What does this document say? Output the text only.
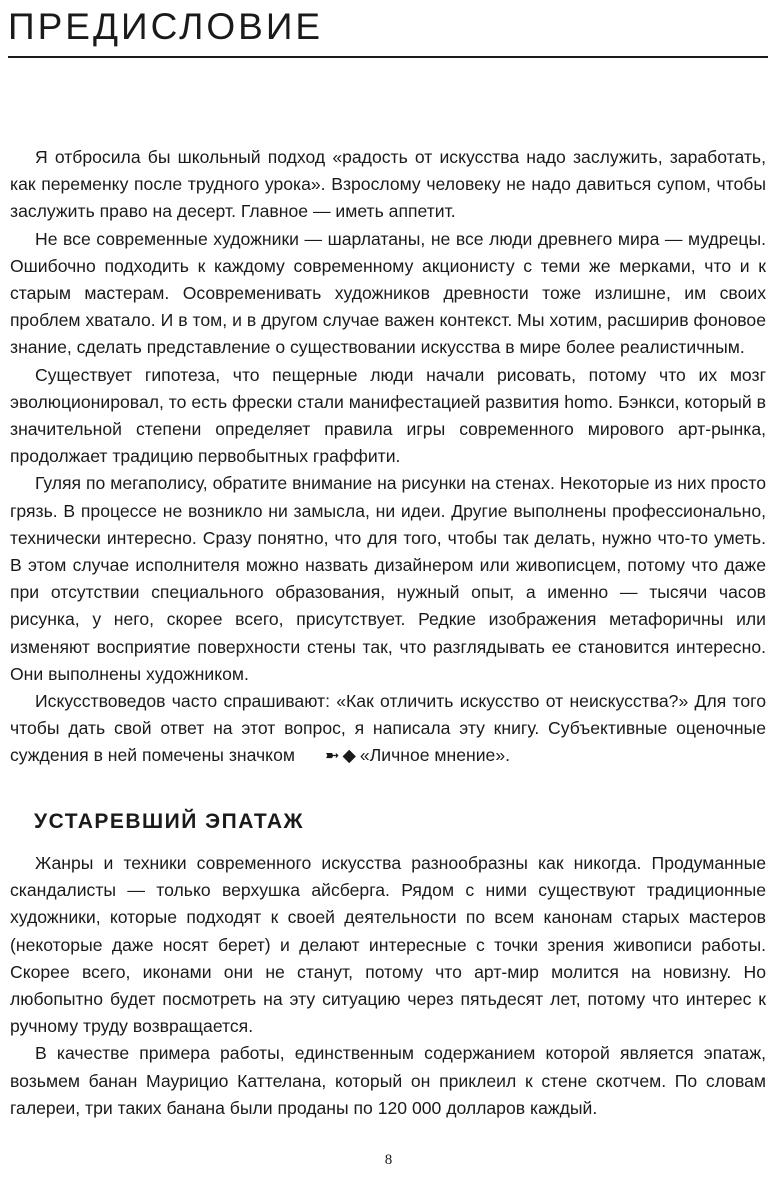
ПРЕДИСЛОВИЕ

Я отбросила бы школьный подход «радость от искусства надо заслужить, заработать, как переменку после трудного урока». Взрослому человеку не надо давиться супом, чтобы заслужить право на десерт. Главное — иметь аппетит.

Не все современные художники — шарлатаны, не все люди древнего мира — мудрецы. Ошибочно подходить к каждому современному акционисту с теми же мерками, что и к старым мастерам. Осовременивать художников древности тоже излишне, им своих проблем хватало. И в том, и в другом случае важен контекст. Мы хотим, расширив фоновое знание, сделать представление о существовании искусства в мире более реалистичным.

Существует гипотеза, что пещерные люди начали рисовать, потому что их мозг эволюционировал, то есть фрески стали манифестацией развития homo. Бэнкси, который в значительной степени определяет правила игры современного мирового арт-рынка, продолжает традицию первобытных граффити.

Гуляя по мегаполису, обратите внимание на рисунки на стенах. Некоторые из них просто грязь. В процессе не возникло ни замысла, ни идеи. Другие выполнены профессионально, технически интересно. Сразу понятно, что для того, чтобы так делать, нужно что-то уметь. В этом случае исполнителя можно назвать дизайнером или живописцем, потому что даже при отсутствии специального образования, нужный опыт, а именно — тысячи часов рисунка, у него, скорее всего, присутствует. Редкие изображения метафоричны или изменяют восприятие поверхности стены так, что разглядывать ее становится интересно. Они выполнены художником.

Искусствоведов часто спрашивают: «Как отличить искусство от неискусства?» Для того чтобы дать свой ответ на этот вопрос, я написала эту книгу. Субъективные оценочные суждения в ней помечены значком ➼ ◆ «Личное мнение».

УСТАРЕВШИЙ ЭПАТАЖ

Жанры и техники современного искусства разнообразны как никогда. Продуманные скандалисты — только верхушка айсберга. Рядом с ними существуют традиционные художники, которые подходят к своей деятельности по всем канонам старых мастеров (некоторые даже носят берет) и делают интересные с точки зрения живописи работы. Скорее всего, иконами они не станут, потому что арт-мир молится на новизну. Но любопытно будет посмотреть на эту ситуацию через пятьдесят лет, потому что интерес к ручному труду возвращается.

В качестве примера работы, единственным содержанием которой является эпатаж, возьмем банан Маурицио Каттелана, который он приклеил к стене скотчем. По словам галереи, три таких банана были проданы по 120 000 долларов каждый.

8
